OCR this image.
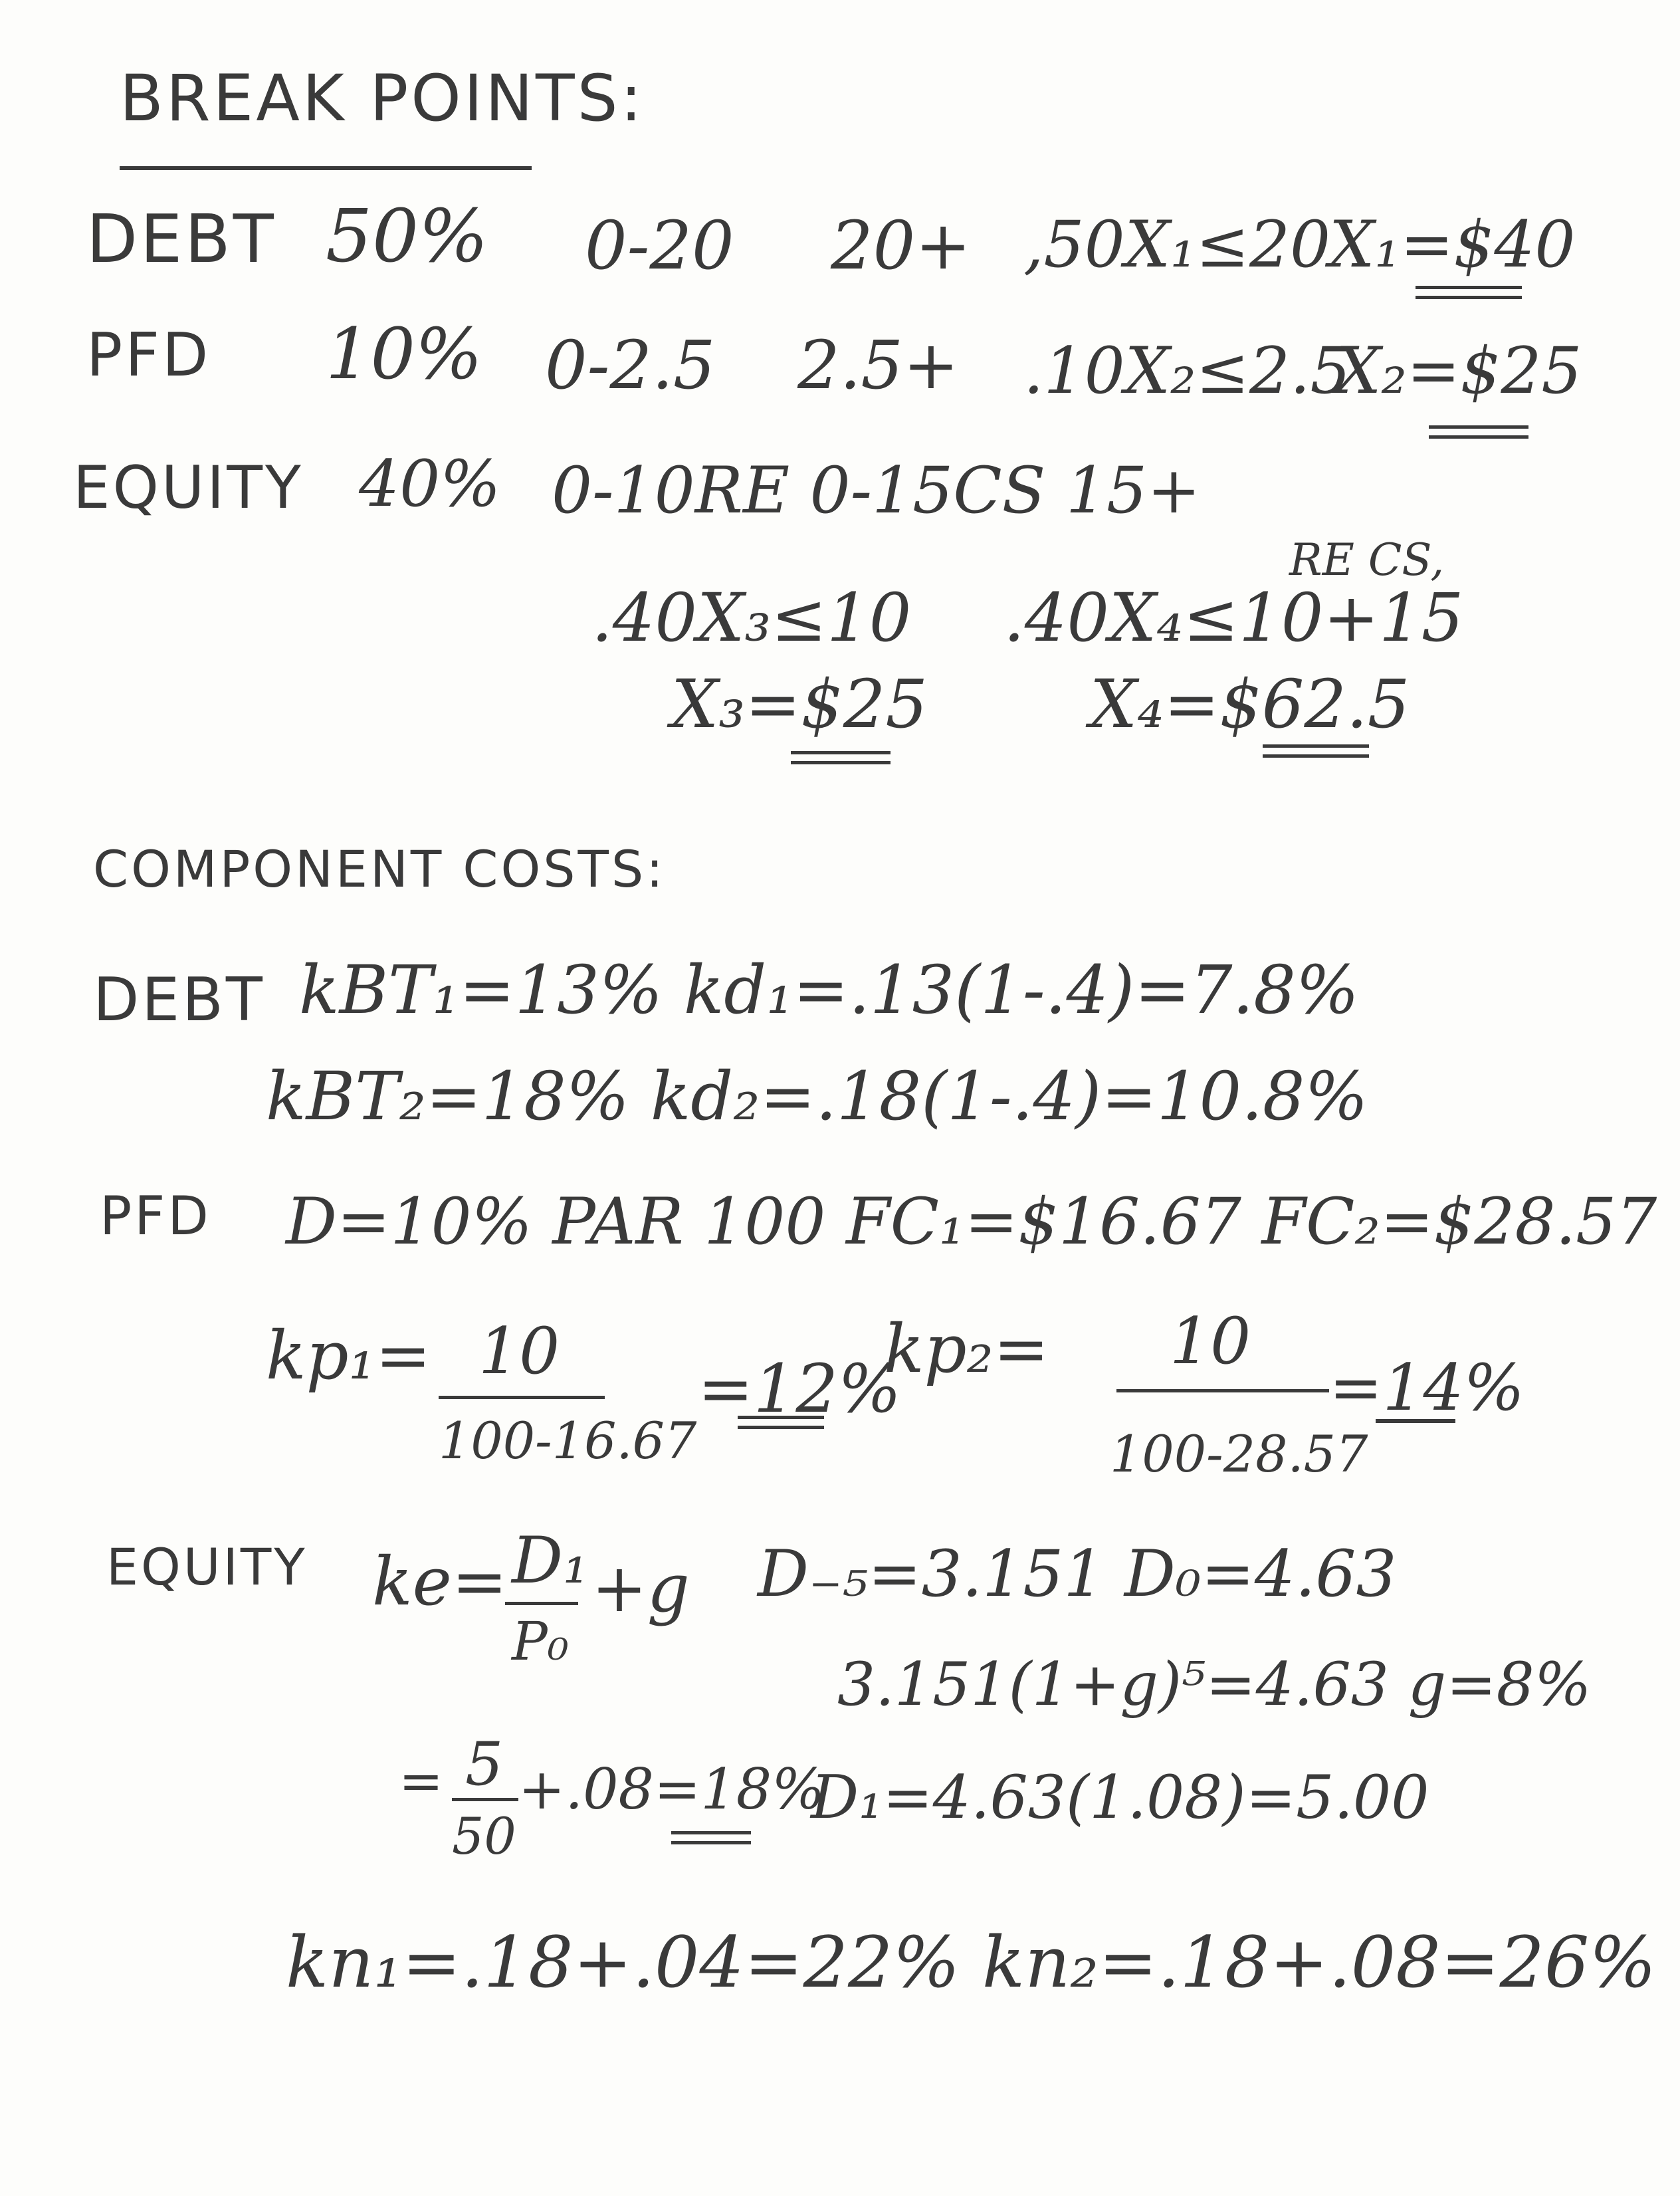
BREAK POINTS:
DEBT 50% 0-20 20+ ,50X₁≤20
X₁=$40
PFD 10% 0-2.5 2.5+ .10X₂≤2.5
X₂=$25
EQUITY 40% 0-10RE 0-15CS 15+
RE CS,
.40X₃≤10 .40X₄≤10+15
X₃=$25 X₄=$62.5
COMPONENT COSTS:
DEBT kBT₁=13% kd₁=.13(1-.4)=7.8%
kBT₂=18% kd₂=.18(1-.4)=10.8%
PFD D=10% PAR 100 FC₁=$16.67 FC₂=$28.57
kp₁= 10
100-16.67
=12%
kp₂= 10
100-28.57
=14%
EQUITY ke= D₁
P₀
+g D₋₅=3.151 D₀=4.63
3.151(1+g)⁵=4.63 g=8%
= 5
50
+.08=18%
D₁=4.63(1.08)=5.00
kn₁=.18+.04=22% kn₂=.18+.08=26%
